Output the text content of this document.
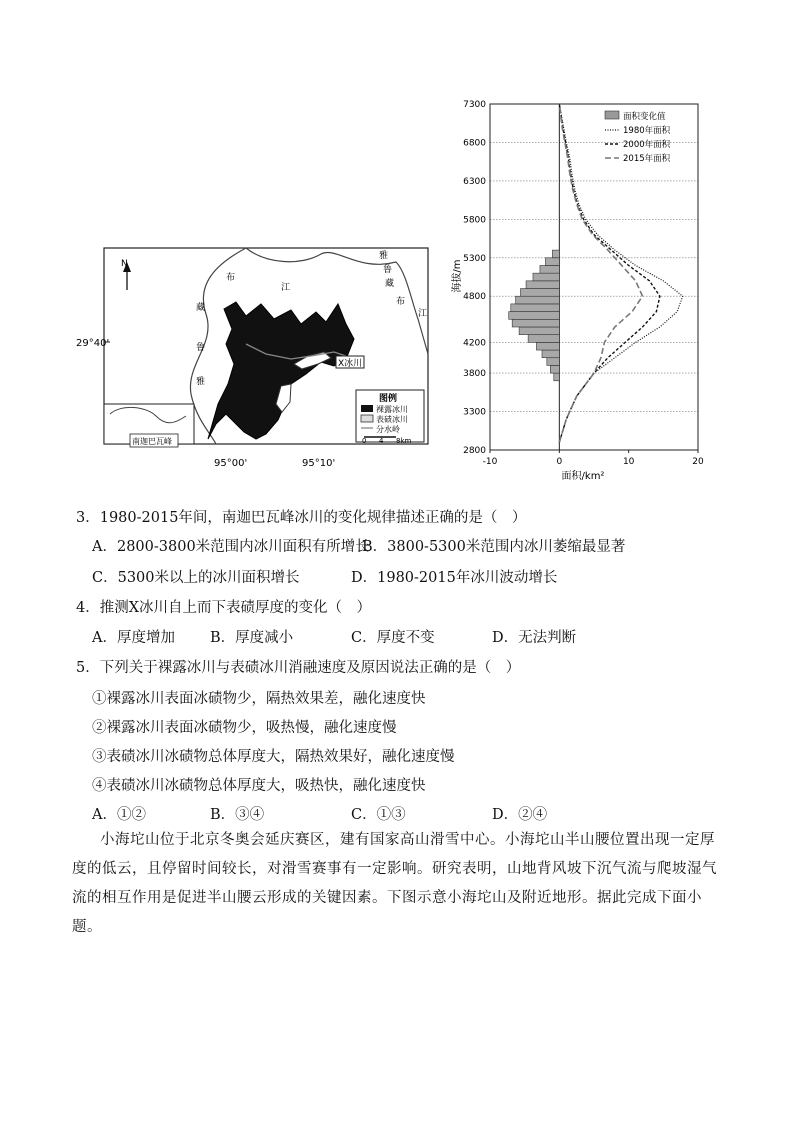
N
雅
鲁
藏
布
江
布
江
藏
鲁
雅
29°40'
X冰川
南迦巴瓦峰
图例
裸露冰川
表碛冰川
分水岭
0 4 8km
95°00'	95°10'
7300
6800
6300
5800
5300
4800
4200
3800
3300
2800
-10	0	10	20
海拔/m
面积/km²
面积变化值
1980年面积
2000年面积
2015年面积
3．1980-2015年间，南迦巴瓦峰冰川的变化规律描述正确的是（　）
A．2800-3800米范围内冰川面积有所增长
B．3800-5300米范围内冰川萎缩最显著
C．5300米以上的冰川面积增长	D．1980-2015年冰川波动增长
4．推测X冰川自上而下表碛厚度的变化（　）
A．厚度增加 B．厚度减小	C．厚度不变	D．无法判断
5．下列关于裸露冰川与表碛冰川消融速度及原因说法正确的是（　）
①裸露冰川表面冰碛物少，隔热效果差，融化速度快
②裸露冰川表面冰碛物少，吸热慢，融化速度慢
③表碛冰川冰碛物总体厚度大，隔热效果好，融化速度慢
④表碛冰川冰碛物总体厚度大，吸热快，融化速度快
A．①②	B．③④	C．①③	D．②④
小海坨山位于北京冬奥会延庆赛区，建有国家高山滑雪中心。小海坨山半山腰位置出现一定厚度的低云，且停留时间较长，对滑雪赛事有一定影响。研究表明，山地背风坡下沉气流与爬坡湿气流的相互作用是促进半山腰云形成的关键因素。下图示意小海坨山及附近地形。据此完成下面小题。
